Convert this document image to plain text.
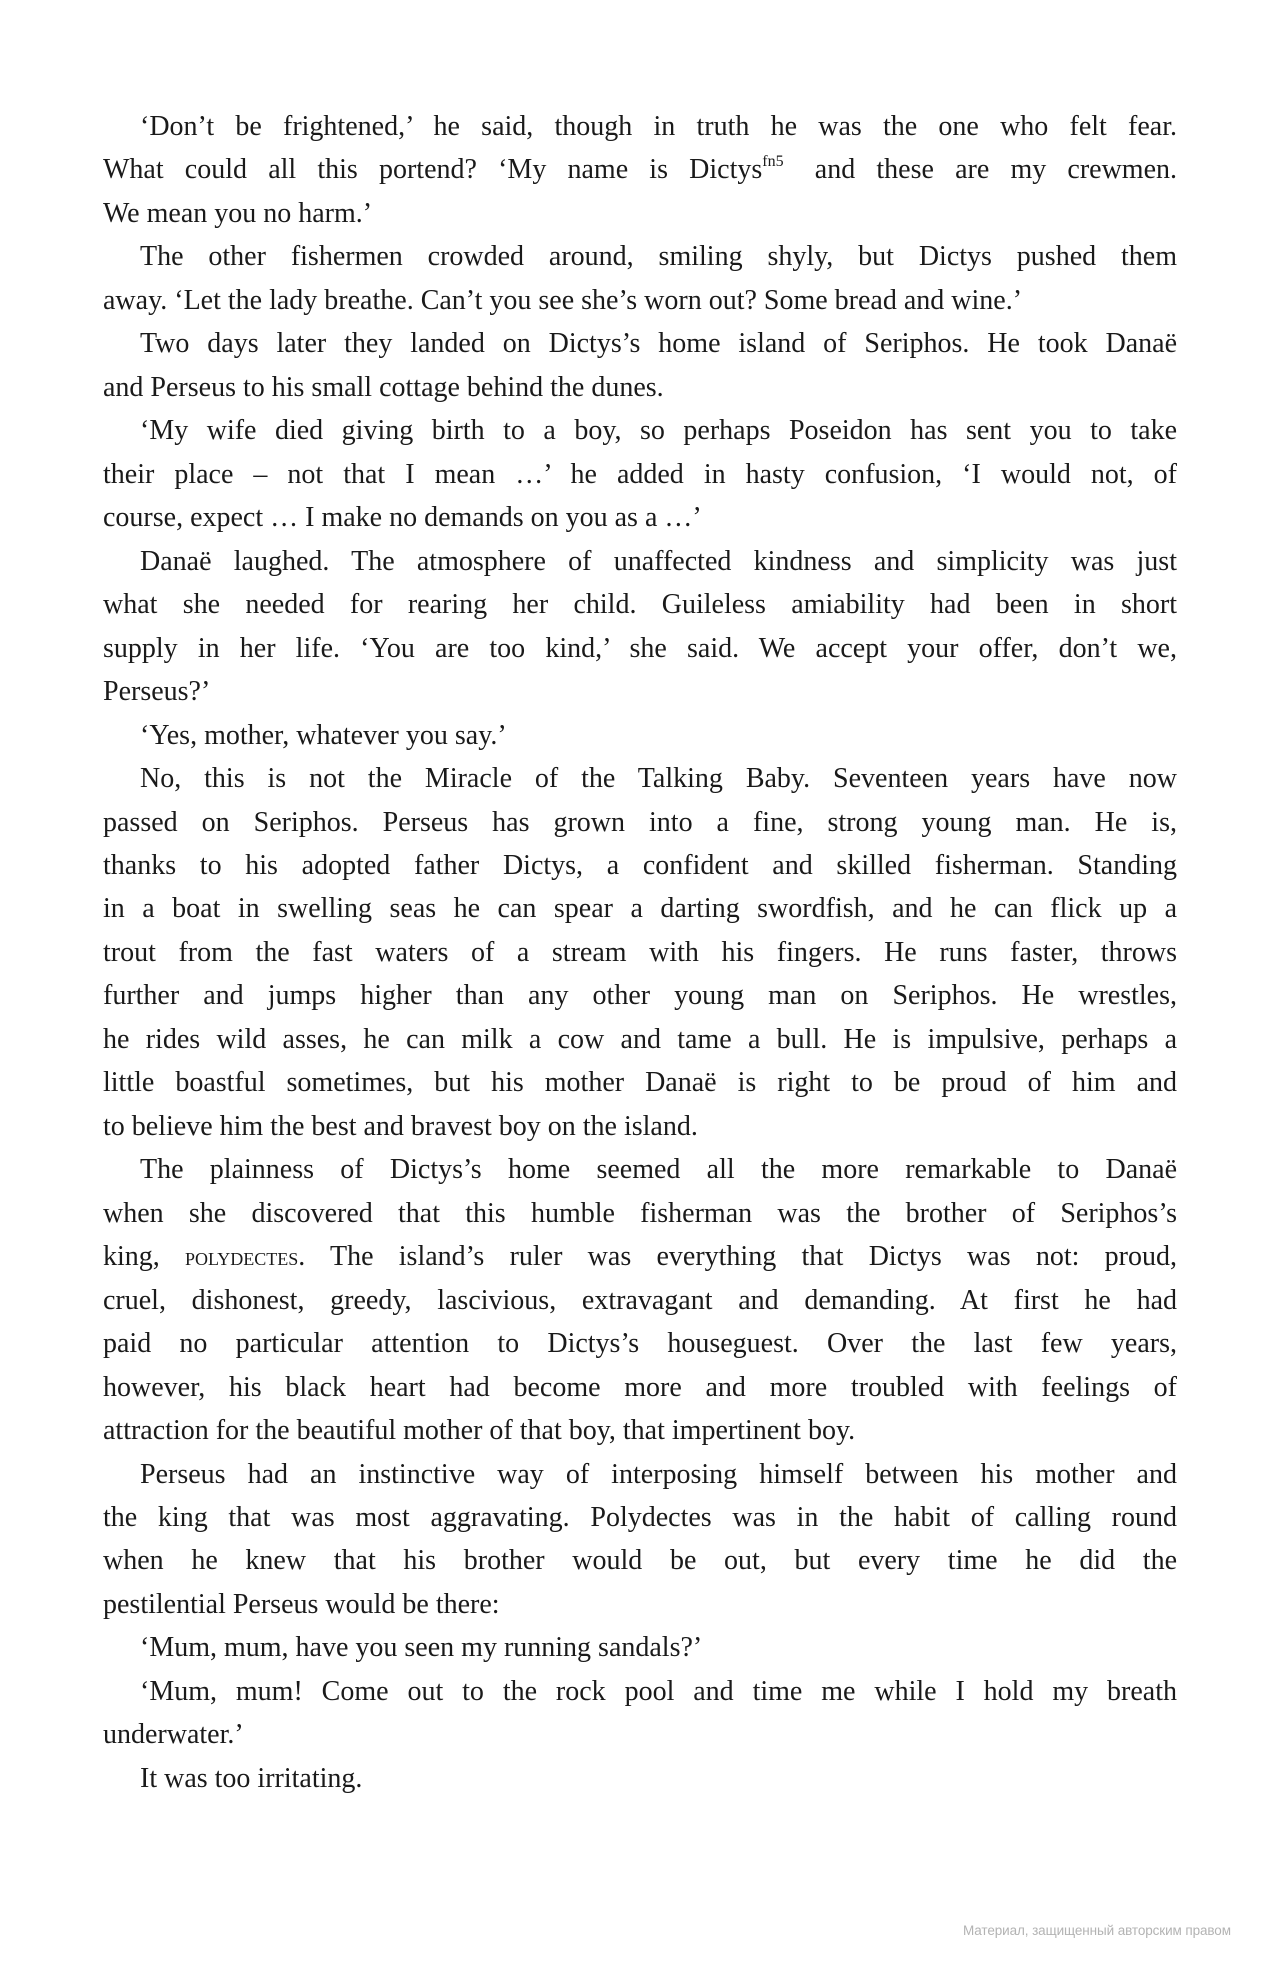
‘Don’t be frightened,’ he said, though in truth he was the one who felt fear.
What could all this portend? ‘My name is Dictys$^{fn5}$ and these are my crewmen.
We mean you no harm.’
The other fishermen crowded around, smiling shyly, but Dictys pushed them
away. ‘Let the lady breathe. Can’t you see she’s worn out? Some bread and wine.’
Two days later they landed on Dictys’s home island of Seriphos. He took Danaë
and Perseus to his small cottage behind the dunes.
‘My wife died giving birth to a boy, so perhaps Poseidon has sent you to take
their place – not that I mean …’ he added in hasty confusion, ‘I would not, of
course, expect … I make no demands on you as a …’
Danaë laughed. The atmosphere of unaffected kindness and simplicity was just
what she needed for rearing her child. Guileless amiability had been in short
supply in her life. ‘You are too kind,’ she said. We accept your offer, don’t we,
Perseus?’
‘Yes, mother, whatever you say.’
No, this is not the Miracle of the Talking Baby. Seventeen years have now
passed on Seriphos. Perseus has grown into a fine, strong young man. He is,
thanks to his adopted father Dictys, a confident and skilled fisherman. Standing
in a boat in swelling seas he can spear a darting swordfish, and he can flick up a
trout from the fast waters of a stream with his fingers. He runs faster, throws
further and jumps higher than any other young man on Seriphos. He wrestles,
he rides wild asses, he can milk a cow and tame a bull. He is impulsive, perhaps a
little boastful sometimes, but his mother Danaë is right to be proud of him and
to believe him the best and bravest boy on the island.
The plainness of Dictys’s home seemed all the more remarkable to Danaë
when she discovered that this humble fisherman was the brother of Seriphos’s
king, polydectes. The island’s ruler was everything that Dictys was not: proud,
cruel, dishonest, greedy, lascivious, extravagant and demanding. At first he had
paid no particular attention to Dictys’s houseguest. Over the last few years,
however, his black heart had become more and more troubled with feelings of
attraction for the beautiful mother of that boy, that impertinent boy.
Perseus had an instinctive way of interposing himself between his mother and
the king that was most aggravating. Polydectes was in the habit of calling round
when he knew that his brother would be out, but every time he did the
pestilential Perseus would be there:
‘Mum, mum, have you seen my running sandals?’
‘Mum, mum! Come out to the rock pool and time me while I hold my breath
underwater.’
It was too irritating.
Материал, защищенный авторским правом
